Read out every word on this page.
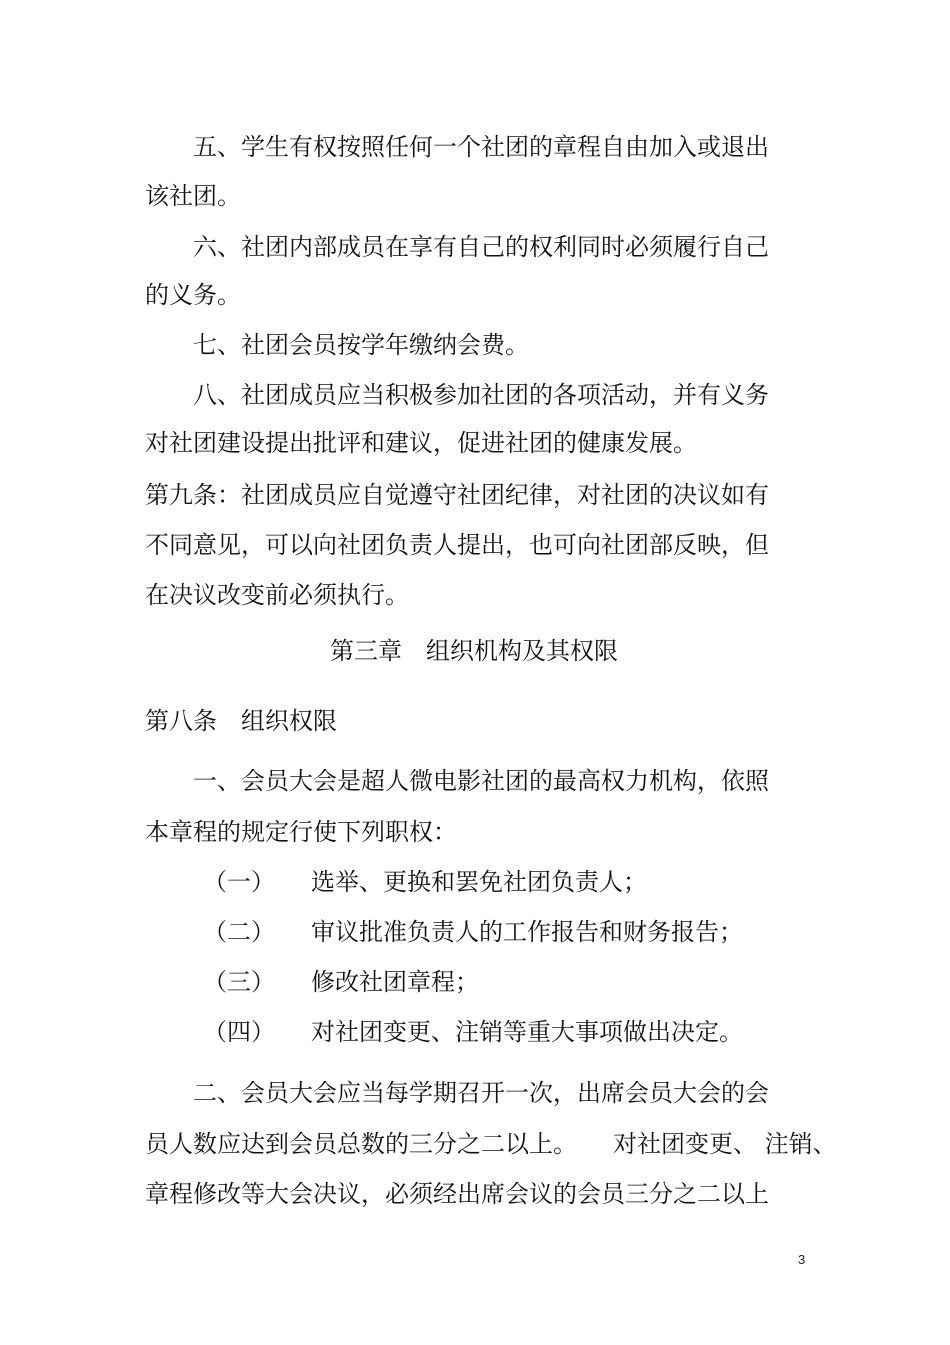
五、学生有权按照任何一个社团的章程自由加入或退出

该社团。

六、社团内部成员在享有自己的权利同时必须履行自己

的义务。

七、社团会员按学年缴纳会费。

八、社团成员应当积极参加社团的各项活动，并有义务

对社团建设提出批评和建议，促进社团的健康发展。

第九条：社团成员应自觉遵守社团纪律，对社团的决议如有

不同意见，可以向社团负责人提出，也可向社团部反映，但

在决议改变前必须执行。

第三章　组织机构及其权限

第八条　组织权限

一、会员大会是超人微电影社团的最高权力机构，依照

本章程的规定行使下列职权：

（一）　　选举、更换和罢免社团负责人；

（二）　　审议批准负责人的工作报告和财务报告；

（三）　　修改社团章程；

（四）　　对社团变更、注销等重大事项做出决定。

二、会员大会应当每学期召开一次，出席会员大会的会

员人数应达到会员总数的三分之二以上。　　对社团变更、 注销、

章程修改等大会决议，必须经出席会议的会员三分之二以上

3
